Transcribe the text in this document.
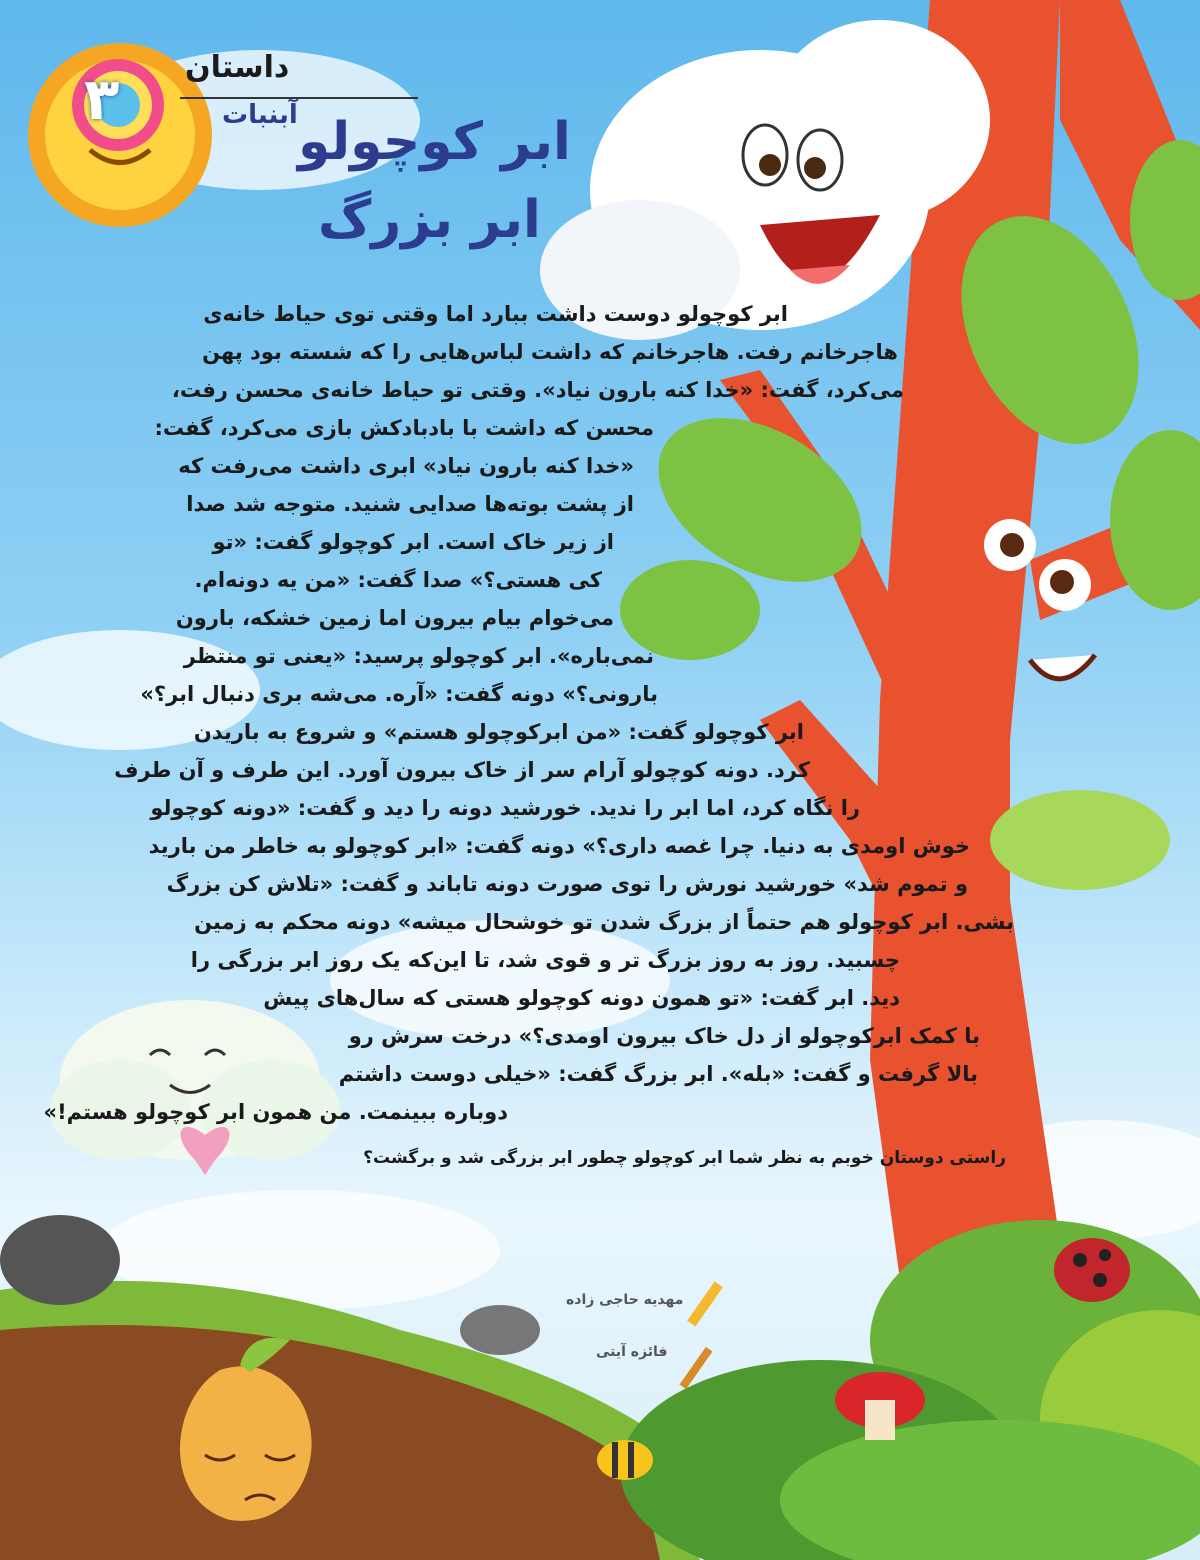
داستان
۳	آبنبات ابر کوچولو
ابر بزرگ
ابر کوچولو دوست داشت ببارد اما وقتی توی حیاط خانه‌ی
هاجرخانم رفت. هاجرخانم که داشت لباس‌هایی را که شسته بود پهن
می‌کرد، گفت: «خدا کنه بارون نیاد». وقتی تو حیاط خانه‌ی محسن رفت،
محسن که داشت با بادبادکش بازی می‌کرد، گفت:
«خدا کنه بارون نیاد» ابری داشت می‌رفت که
از پشت بوته‌ها صدایی شنید. متوجه شد صدا
از زیر خاک است. ابر کوچولو گفت: «تو
کی هستی؟» صدا گفت: «من یه دونه‌ام.
می‌خوام بیام بیرون اما زمین خشکه، بارون
نمی‌باره». ابر کوچولو پرسید: «یعنی تو منتظر
بارونی؟» دونه گفت: «آره. می‌شه بری دنبال ابر؟»
ابر کوچولو گفت: «من ابرکوچولو هستم» و شروع به باریدن
کرد. دونه کوچولو آرام سر از خاک بیرون آورد. این طرف و آن طرف
را نگاه کرد، اما ابر را ندید. خورشید دونه را دید و گفت: «دونه کوچولو
خوش اومدی به دنیا. چرا غصه داری؟» دونه گفت: «ابر کوچولو به خاطر من بارید
و تموم شد» خورشید نورش را توی صورت دونه تاباند و گفت: «تلاش کن بزرگ
بشی. ابر کوچولو هم حتماً از بزرگ شدن تو خوشحال میشه» دونه محکم به زمین
چسبید. روز به روز بزرگ تر و قوی شد، تا این‌که یک روز ابر بزرگی را
دید. ابر گفت: «تو همون دونه کوچولو هستی که سال‌های پیش
با کمک ابرکوچولو از دل خاک بیرون اومدی؟» درخت سرش رو
بالا گرفت و گفت: «بله». ابر بزرگ گفت: «خیلی دوست داشتم
دوباره ببینمت. من همون ابر کوچولو هستم!»
راستی دوستان خوبم به نظر شما ابر کوچولو چطور ابر بزرگی شد و برگشت؟
مهدیه حاجی زاده
فائزه آیتی
